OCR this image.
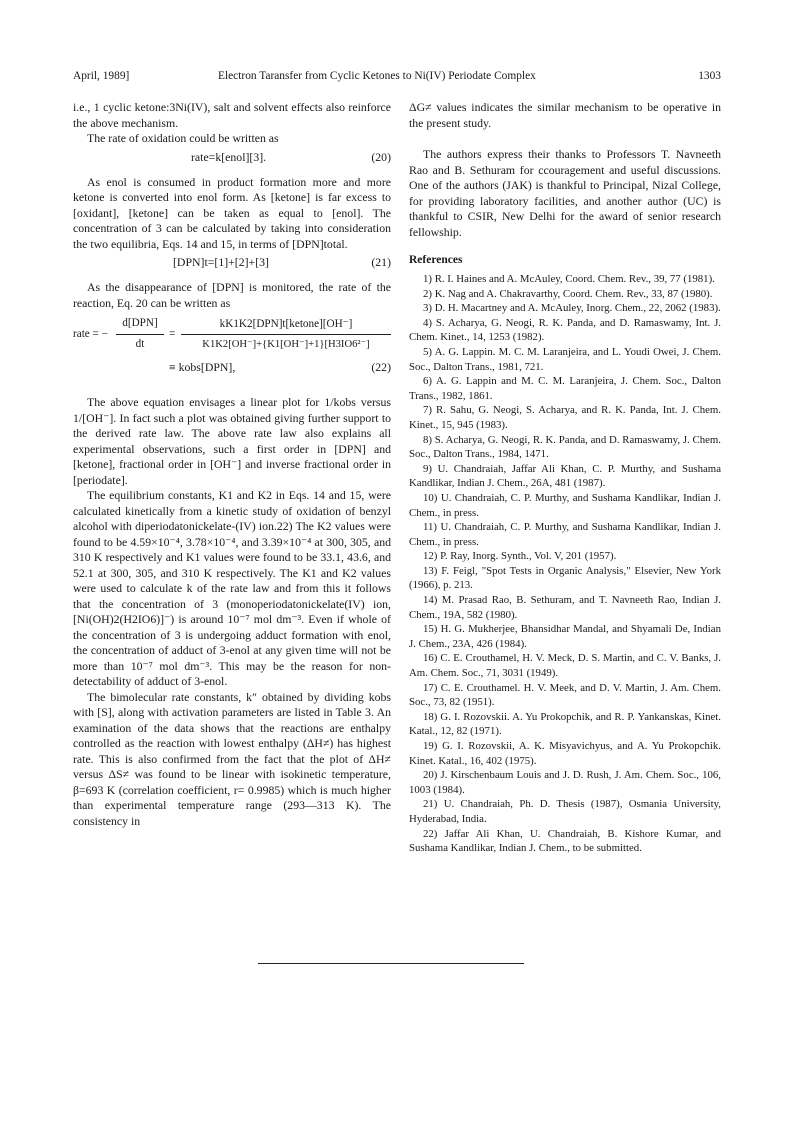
April, 1989]	Electron Taransfer from Cyclic Ketones to Ni(IV) Periodate Complex	1303

i.e., 1 cyclic ketone:3Ni(IV), salt and solvent effects also reinforce the above mechanism.

The rate of oxidation could be written as

rate=k[enol][3].	(20)

As enol is consumed in product formation more and more ketone is converted into enol form. As [ketone] is far excess to [oxidant], [ketone] can be taken as equal to [enol]. The concentration of 3 can be calculated by taking into consideration the two equilibria, Eqs. 14 and 15, in terms of [DPN]total.

[DPN]t=[1]+[2]+[3]	(21)

As the disappearance of [DPN] is monitored, the rate of the reaction, Eq. 20 can be written as

rate = −
d[DPN]
dt
=
kK1K2[DPN]t[ketone][OH⁻]
K1K2[OH⁻]+{K1[OH⁻]+1}[H3IO6²⁻]
≡ kobs[DPN],	(22)

The above equation envisages a linear plot for 1/kobs versus 1/[OH⁻]. In fact such a plot was obtained giving further support to the derived rate law. The above rate law also explains all experimental observations, such a first order in [DPN] and [ketone], fractional order in [OH⁻] and inverse fractional order in [periodate].

The equilibrium constants, K1 and K2 in Eqs. 14 and 15, were calculated kinetically from a kinetic study of oxidation of benzyl alcohol with diperiodatonickelate-(IV) ion.22) The K2 values were found to be 4.59×10⁻⁴, 3.78×10⁻⁴, and 3.39×10⁻⁴ at 300, 305, and 310 K respectively and K1 values were found to be 33.1, 43.6, and 52.1 at 300, 305, and 310 K respectively. The K1 and K2 values were used to calculate k of the rate law and from this it follows that the concentration of 3 (monoperiodatonickelate(IV) ion, [Ni(OH)2(H2IO6)]⁻) is around 10⁻⁷ mol dm⁻³. Even if whole of the concentration of 3 is undergoing adduct formation with enol, the concentration of adduct of 3-enol at any given time will not be more than 10⁻⁷ mol dm⁻³. This may be the reason for non-detectability of adduct of 3-enol.

The bimolecular rate constants, k″ obtained by dividing kobs with [S], along with activation parameters are listed in Table 3. An examination of the data shows that the reactions are enthalpy controlled as the reaction with lowest enthalpy (ΔH≠) has highest rate. This is also confirmed from the fact that the plot of ΔH≠ versus ΔS≠ was found to be linear with isokinetic temperature, β=693 K (correlation coefficient, r= 0.9985) which is much higher than experimental temperature range (293—313 K). The consistency in

ΔG≠ values indicates the similar mechanism to be operative in the present study.

The authors express their thanks to Professors T. Navneeth Rao and B. Sethuram for ccouragement and useful discussions. One of the authors (JAK) is thankful to Principal, Nizal College, for providing laboratory facilities, and another author (UC) is thankful to CSIR, New Delhi for the award of senior research fellowship.

References

1) R. I. Haines and A. McAuley, Coord. Chem. Rev., 39, 77 (1981).

2) K. Nag and A. Chakravarthy, Coord. Chem. Rev., 33, 87 (1980).

3) D. H. Macartney and A. McAuley, Inorg. Chem., 22, 2062 (1983).

4) S. Acharya, G. Neogi, R. K. Panda, and D. Ramaswamy, Int. J. Chem. Kinet., 14, 1253 (1982).

5) A. G. Lappin. M. C. M. Laranjeira, and L. Youdi Owei, J. Chem. Soc., Dalton Trans., 1981, 721.

6) A. G. Lappin and M. C. M. Laranjeira, J. Chem. Soc., Dalton Trans., 1982, 1861.

7) R. Sahu, G. Neogi, S. Acharya, and R. K. Panda, Int. J. Chem. Kinet., 15, 945 (1983).

8) S. Acharya, G. Neogi, R. K. Panda, and D. Ramaswamy, J. Chem. Soc., Dalton Trans., 1984, 1471.

9) U. Chandraiah, Jaffar Ali Khan, C. P. Murthy, and Sushama Kandlikar, Indian J. Chem., 26A, 481 (1987).

10) U. Chandraiah, C. P. Murthy, and Sushama Kandlikar, Indian J. Chem., in press.

11) U. Chandraiah, C. P. Murthy, and Sushama Kandlikar, Indian J. Chem., in press.

12) P. Ray, Inorg. Synth., Vol. V, 201 (1957).

13) F. Feigl, "Spot Tests in Organic Analysis," Elsevier, New York (1966), p. 213.

14) M. Prasad Rao, B. Sethuram, and T. Navneeth Rao, Indian J. Chem., 19A, 582 (1980).

15) H. G. Mukherjee, Bhansidhar Mandal, and Shyamali De, Indian J. Chem., 23A, 426 (1984).

16) C. E. Crouthamel, H. V. Meck, D. S. Martin, and C. V. Banks, J. Am. Chem. Soc., 71, 3031 (1949).

17) C. E. Crouthamel. H. V. Meek, and D. V. Martin, J. Am. Chem. Soc., 73, 82 (1951).

18) G. I. Rozovskii. A. Yu Prokopchik, and R. P. Yankanskas, Kinet. Katal., 12, 82 (1971).

19) G. I. Rozovskii, A. K. Misyavichyus, and A. Yu Prokopchik. Kinet. Katal., 16, 402 (1975).

20) J. Kirschenbaum Louis and J. D. Rush, J. Am. Chem. Soc., 106, 1003 (1984).

21) U. Chandraiah, Ph. D. Thesis (1987), Osmania University, Hyderabad, India.

22) Jaffar Ali Khan, U. Chandraiah, B. Kishore Kumar, and Sushama Kandlikar, Indian J. Chem., to be submitted.
